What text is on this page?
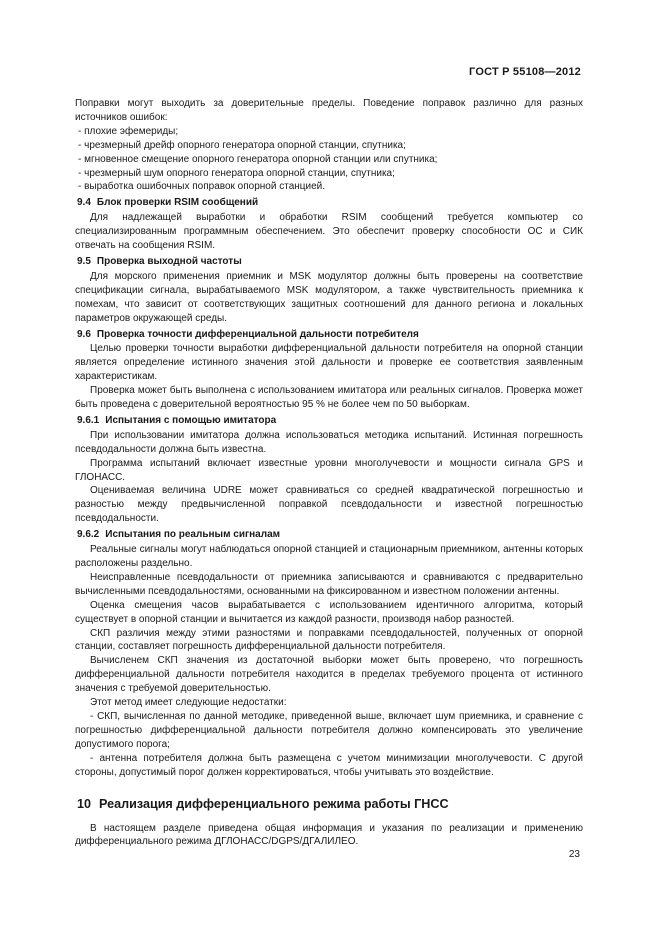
ГОСТ Р 55108—2012

Поправки могут выходить за доверительные пределы. Поведение поправок различно для разных источников ошибок:

- плохие эфемериды;

- чрезмерный дрейф опорного генератора опорной станции, спутника;

- мгновенное смещение опорного генератора опорной станции или спутника;

- чрезмерный шум опорного генератора опорной станции, спутника;

- выработка ошибочных поправок опорной станцией.

9.4 Блок проверки RSIM сообщений

Для надлежащей выработки и обработки RSIM сообщений требуется компьютер со специализированным программным обеспечением. Это обеспечит проверку способности ОС и СИК отвечать на сообщения RSIM.

9.5 Проверка выходной частоты

Для морского применения приемник и MSK модулятор должны быть проверены на соответствие спецификации сигнала, вырабатываемого MSK модулятором, а также чувствительность приемника к помехам, что зависит от соответствующих защитных соотношений для данного региона и локальных параметров окружающей среды.

9.6 Проверка точности дифференциальной дальности потребителя

Целью проверки точности выработки дифференциальной дальности потребителя на опорной станции является определение истинного значения этой дальности и проверке ее соответствия заявленным характеристикам.

Проверка может быть выполнена с использованием имитатора или реальных сигналов. Проверка может быть проведена с доверительной вероятностью 95 % не более чем по 50 выборкам.

9.6.1 Испытания с помощью имитатора

При использовании имитатора должна использоваться методика испытаний. Истинная погрешность псевдодальности должна быть известна.

Программа испытаний включает известные уровни многолучевости и мощности сигнала GPS и ГЛОНАСС.

Оцениваемая величина UDRE может сравниваться со средней квадратической погрешностью и разностью между предвычисленной поправкой псевдодальности и известной погрешностью псевдодальности.

9.6.2 Испытания по реальным сигналам

Реальные сигналы могут наблюдаться опорной станцией и стационарным приемником, антенны которых расположены раздельно.

Неисправленные псевдодальности от приемника записываются и сравниваются с предварительно вычисленными псевдодальностями, основанными на фиксированном и известном положении антенны.

Оценка смещения часов вырабатывается с использованием идентичного алгоритма, который существует в опорной станции и вычитается из каждой разности, производя набор разностей.

СКП различия между этими разностями и поправками псевдодальностей, полученных от опорной станции, составляет погрешность дифференциальной дальности потребителя.

Вычисленем СКП значения из достаточной выборки может быть проверено, что погрешность дифференциальной дальности потребителя находится в пределах требуемого процента от истинного значения с требуемой доверительностью.

Этот метод имеет следующие недостатки:

- СКП, вычисленная по данной методике, приведенной выше, включает шум приемника, и сравнение с погрешностью дифференциальной дальности потребителя должно компенсировать это увеличение допустимого порога;

- антенна потребителя должна быть размещена с учетом минимизации многолучевости. С другой стороны, допустимый порог должен корректироваться, чтобы учитывать это воздействие.

10 Реализация дифференциального режима работы ГНСС

В настоящем разделе приведена общая информация и указания по реализации и применению дифференциального режима ДГЛОНАСС/DGPS/ДГАЛИЛЕО.

23
